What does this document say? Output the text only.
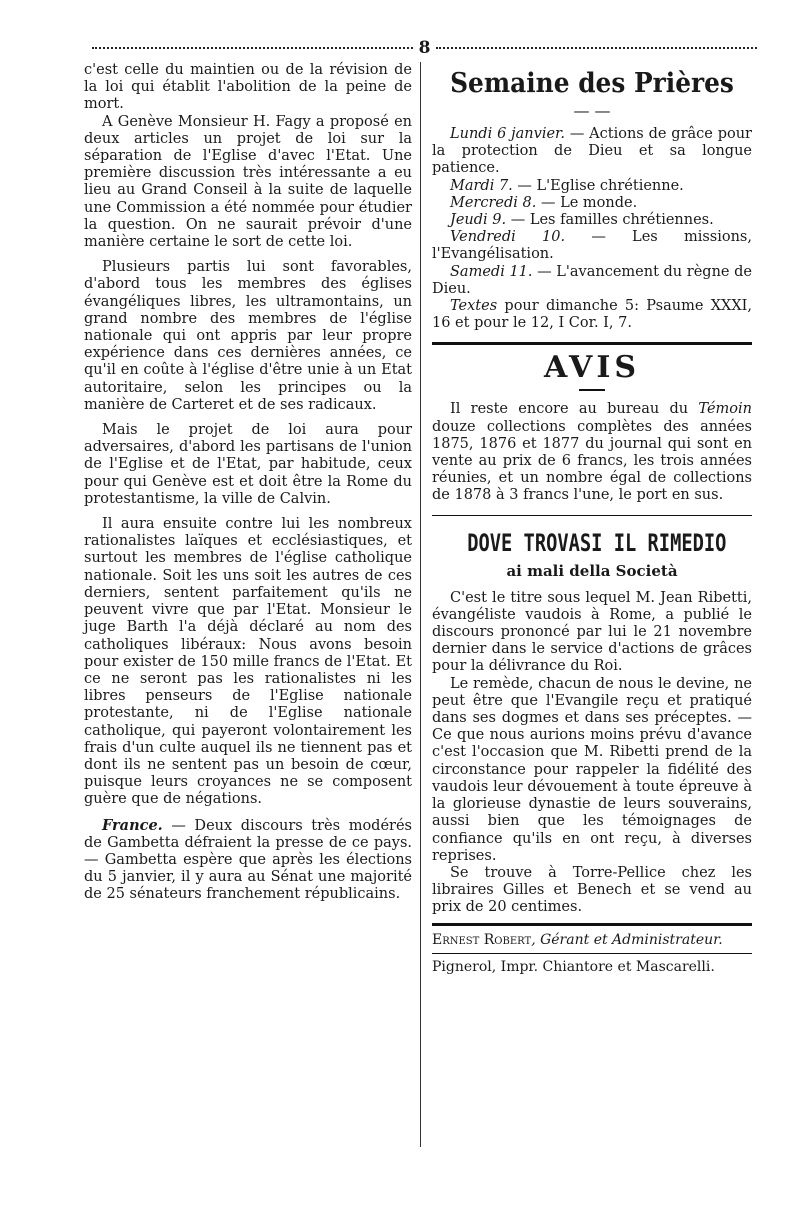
8

c'est celle du maintien ou de la révision de la loi qui établit l'abolition de la peine de mort.

A Genève Monsieur H. Fagy a proposé en deux articles un projet de loi sur la séparation de l'Eglise d'avec l'Etat. Une première discussion très intéressante a eu lieu au Grand Conseil à la suite de laquelle une Commission a été nommée pour étudier la question. On ne saurait prévoir d'une manière certaine le sort de cette loi.

Plusieurs partis lui sont favorables, d'abord tous les membres des églises évangéliques libres, les ultramontains, un grand nombre des membres de l'église nationale qui ont appris par leur propre expérience dans ces dernières années, ce qu'il en coûte à l'église d'être unie à un Etat autoritaire, selon les principes ou la manière de Carteret et de ses radicaux.

Mais le projet de loi aura pour adversaires, d'abord les partisans de l'union de l'Eglise et de l'Etat, par habitude, ceux pour qui Genève est et doit être la Rome du protestantisme, la ville de Calvin.

Il aura ensuite contre lui les nombreux rationalistes laïques et ecclésiastiques, et surtout les membres de l'église catholique nationale. Soit les uns soit les autres de ces derniers, sentent parfaitement qu'ils ne peuvent vivre que par l'Etat. Monsieur le juge Barth l'a déjà déclaré au nom des catholiques libéraux: Nous avons besoin pour exister de 150 mille francs de l'Etat. Et ce ne seront pas les rationalistes ni les libres penseurs de l'Eglise nationale protestante, ni de l'Eglise nationale catholique, qui payeront volontairement les frais d'un culte auquel ils ne tiennent pas et dont ils ne sentent pas un besoin de cœur, puisque leurs croyances ne se composent guère que de négations.

France. — Deux discours très modérés de Gambetta défraient la presse de ce pays. — Gambetta espère que après les élections du 5 janvier, il y aura au Sénat une majorité de 25 sénateurs franchement républicains.

Semaine des Prières
— —

Lundi 6 janvier. — Actions de grâce pour la protection de Dieu et sa longue patience.

Mardi 7. — L'Eglise chrétienne.

Mercredi 8. — Le monde.

Jeudi 9. — Les familles chrétiennes.

Vendredi 10. — Les missions, l'Evangélisation.

Samedi 11. — L'avancement du règne de Dieu.

Textes pour dimanche 5: Psaume XXXI, 16 et pour le 12, I Cor. I, 7.

AVIS

Il reste encore au bureau du Témoin douze collections complètes des années 1875, 1876 et 1877 du journal qui sont en vente au prix de 6 francs, les trois années réunies, et un nombre égal de collections de 1878 à 3 francs l'une, le port en sus.

DOVE TROVASI IL RIMEDIO
ai mali della Società

C'est le titre sous lequel M. Jean Ribetti, évangéliste vaudois à Rome, a publié le discours prononcé par lui le 21 novembre dernier dans le service d'actions de grâces pour la délivrance du Roi.

Le remède, chacun de nous le devine, ne peut être que l'Evangile reçu et pratiqué dans ses dogmes et dans ses préceptes. — Ce que nous aurions moins prévu d'avance c'est l'occasion que M. Ribetti prend de la circonstance pour rappeler la fidélité des vaudois leur dévouement à toute épreuve à la glorieuse dynastie de leurs souverains, aussi bien que les témoignages de confiance qu'ils en ont reçu, à diverses reprises.

Se trouve à Torre-Pellice chez les libraires Gilles et Benech et se vend au prix de 20 centimes.

Ernest Robert, Gérant et Administrateur.

Pignerol, Impr. Chiantore et Mascarelli.
